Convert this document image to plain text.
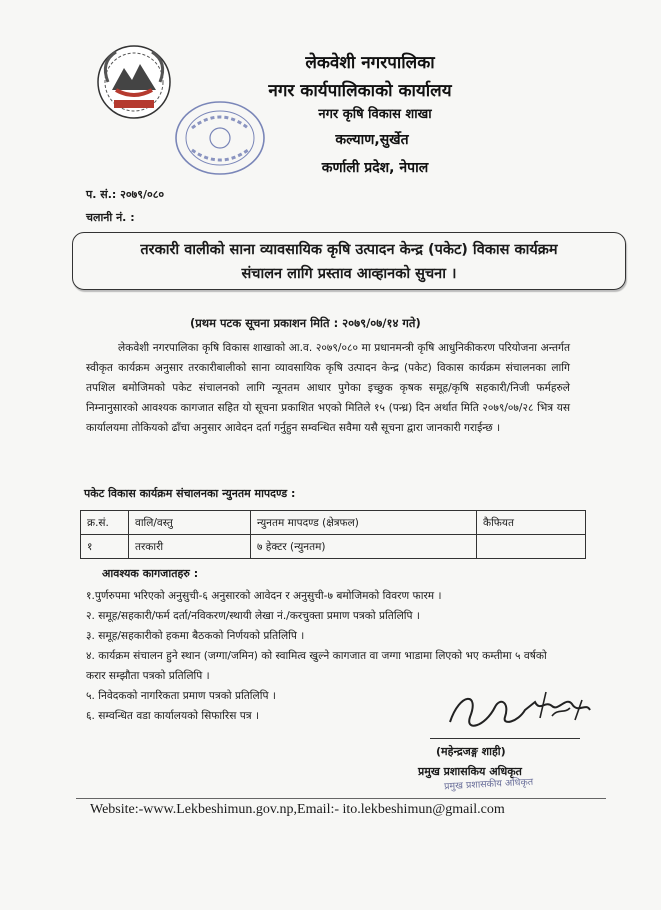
लेकवेशी नगरपालिका
नगर कार्यपालिकाको कार्यालय
नगर कृषि विकास शाखा
कल्याण,सुर्खेत
कर्णाली प्रदेश, नेपाल
प. सं.: २०७९/०८०
चलानी नं. :
तरकारी वालीको साना व्यावसायिक कृषि उत्पादन केन्द्र (पकेट) विकास कार्यक्रम
संचालन लागि प्रस्ताव आव्हानको सुचना ।
(प्रथम पटक सूचना प्रकाशन मिति : २०७९/०७/१४ गते)
लेकवेशी नगरपालिका कृषि विकास शाखाको आ.व. २०७९/०८० मा प्रधानमन्त्री कृषि आधुनिकीकरण परियोजना अन्तर्गत स्वीकृत कार्यक्रम अनुसार तरकारीबालीको साना व्यावसायिक कृषि उत्पादन केन्द्र (पकेट) विकास कार्यक्रम संचालनका लागि तपशिल बमोजिमको पकेट संचालनको लागि न्यूनतम आधार पुगेका इच्छुक कृषक समूह/कृषि सहकारी/निजी फर्महरुले निम्नानुसारको आवश्यक कागजात सहित यो सूचना प्रकाशित भएको मितिले १५ (पन्ध्र) दिन अर्थात मिति २०७९/०७/२८ भित्र यस कार्यालयमा तोकियको ढाँचा अनुसार आवेदन दर्ता गर्नुहुन सम्वन्धित सवैमा यसै सूचना द्वारा जानकारी गराईन्छ ।
पकेट विकास कार्यक्रम संचालनका न्युनतम मापदण्ड :
क्र.सं.	वालि/वस्तु	न्युनतम मापदण्ड (क्षेत्रफल)	कैफियत
१	तरकारी	७ हेक्टर (न्युनतम)	
आवश्यक कागजातहरु :
१.पुर्णरुपमा भरिएको अनुसुची-६ अनुसारको आवेदन र अनुसुची-७ बमोजिमको विवरण फारम ।
२. समूह/सहकारी/फर्म दर्ता/नविकरण/स्थायी लेखा नं./करचुक्ता प्रमाण पत्रको प्रतिलिपि ।
३. समूह/सहकारीको हकमा बैठकको निर्णयको प्रतिलिपि ।
४. कार्यक्रम संचालन हुने स्थान (जग्गा/जमिन) को स्वामित्व खुल्ने कागजात वा जग्गा भाडामा लिएको भए कम्तीमा ५ वर्षको करार सम्झौता पत्रको प्रतिलिपि ।
५. निवेदकको नागरिकता प्रमाण पत्रको प्रतिलिपि ।
६. सम्वन्धित वडा कार्यालयको सिफारिस पत्र ।
(महेन्द्रजङ्ग शाही)
प्रमुख प्रशासकिय अधिकृत
प्रमुख प्रशासकीय अधिकृत
Website:-www.Lekbeshimun.gov.np,Email:- ito.lekbeshimun@gmail.com
